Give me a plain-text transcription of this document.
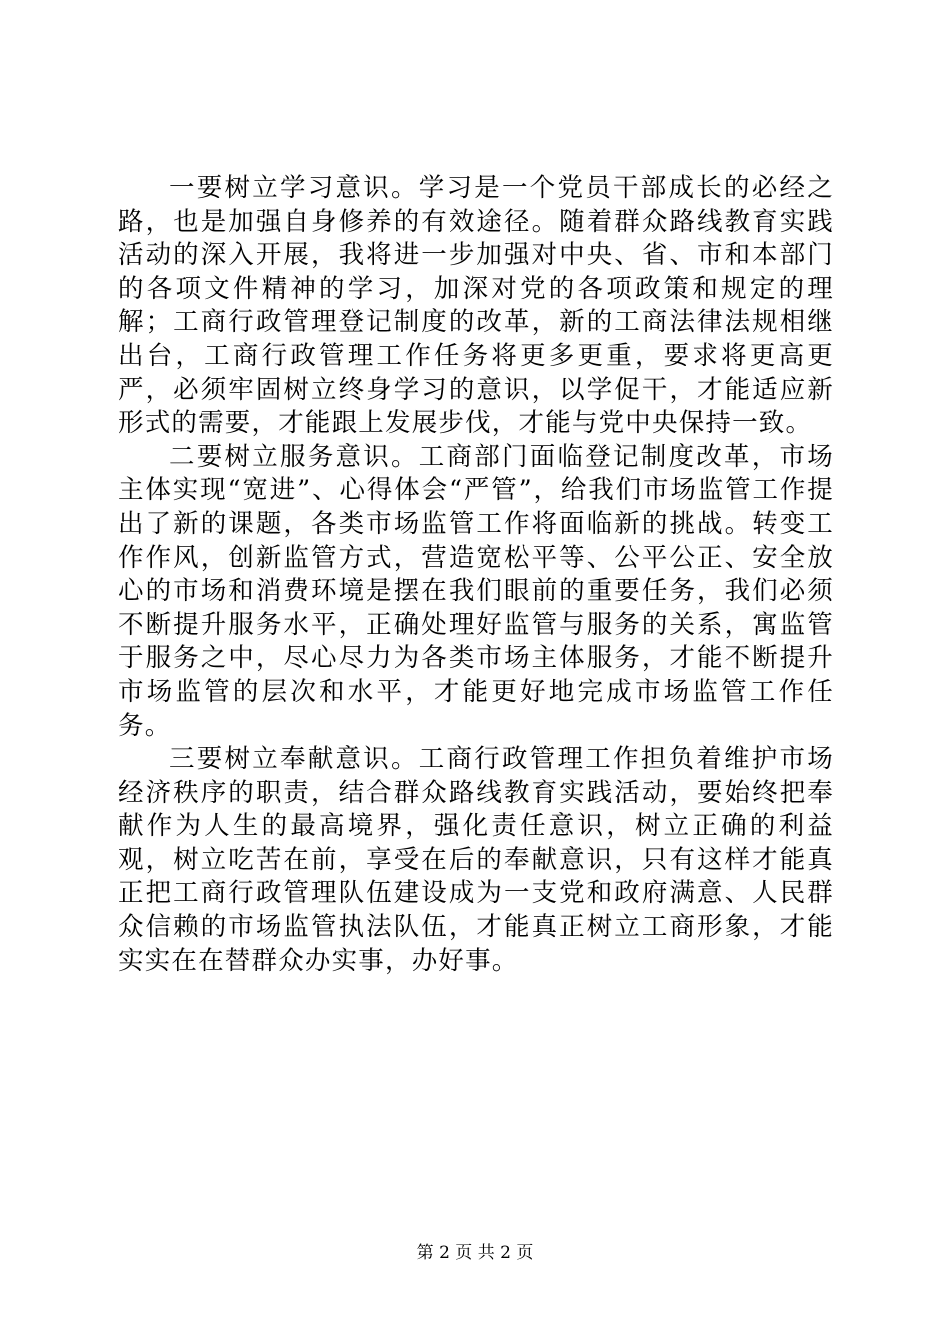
一要树立学习意识。学习是一个党员干部成长的必经之路，也是加强自身修养的有效途径。随着群众路线教育实践活动的深入开展，我将进一步加强对中央、省、市和本部门的各项文件精神的学习，加深对党的各项政策和规定的理解；工商行政管理登记制度的改革，新的工商法律法规相继出台，工商行政管理工作任务将更多更重，要求将更高更严，必须牢固树立终身学习的意识，以学促干，才能适应新形式的需要，才能跟上发展步伐，才能与党中央保持一致。

二要树立服务意识。工商部门面临登记制度改革，市场主体实现“宽进”、心得体会“严管”，给我们市场监管工作提出了新的课题，各类市场监管工作将面临新的挑战。转变工作作风，创新监管方式，营造宽松平等、公平公正、安全放心的市场和消费环境是摆在我们眼前的重要任务，我们必须不断提升服务水平，正确处理好监管与服务的关系，寓监管于服务之中，尽心尽力为各类市场主体服务，才能不断提升市场监管的层次和水平，才能更好地完成市场监管工作任务。

三要树立奉献意识。工商行政管理工作担负着维护市场经济秩序的职责，结合群众路线教育实践活动，要始终把奉献作为人生的最高境界，强化责任意识，树立正确的利益观，树立吃苦在前，享受在后的奉献意识，只有这样才能真正把工商行政管理队伍建设成为一支党和政府满意、人民群众信赖的市场监管执法队伍，才能真正树立工商形象，才能实实在在替群众办实事，办好事。

第 2 页 共 2 页
